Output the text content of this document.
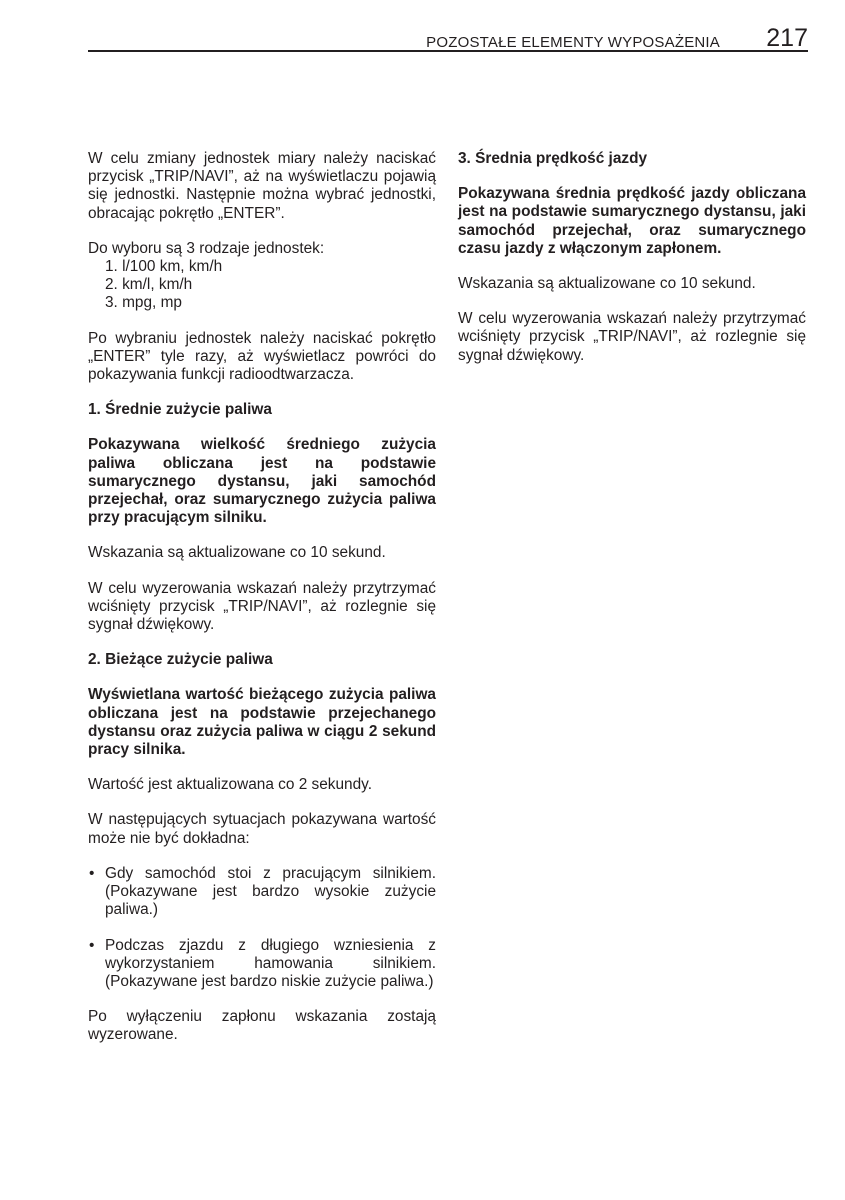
POZOSTAŁE ELEMENTY WYPOSAŻENIA 217

W celu zmiany jednostek miary należy naciskać przycisk „TRIP/NAVI”, aż na wyświetlaczu pojawią się jednostki. Następnie można wybrać jednostki, obracając pokrętło „ENTER”.

Do wyboru są 3 rodzaje jednostek:

1. l/100 km, km/h
2. km/l, km/h
3. mpg, mp

Po wybraniu jednostek należy naciskać pokrętło „ENTER” tyle razy, aż wyświetlacz powróci do pokazywania funkcji radioodtwarzacza.

1. Średnie zużycie paliwa

Pokazywana wielkość średniego zużycia paliwa obliczana jest na podstawie sumarycznego dystansu, jaki samochód przejechał, oraz sumarycznego zużycia paliwa przy pracującym silniku.

Wskazania są aktualizowane co 10 sekund.

W celu wyzerowania wskazań należy przytrzymać wciśnięty przycisk „TRIP/NAVI”, aż rozlegnie się sygnał dźwiękowy.

2. Bieżące zużycie paliwa

Wyświetlana wartość bieżącego zużycia paliwa obliczana jest na podstawie przejechanego dystansu oraz zużycia paliwa w ciągu 2 sekund pracy silnika.

Wartość jest aktualizowana co 2 sekundy.

W następujących sytuacjach pokazywana wartość może nie być dokładna:

• Gdy samochód stoi z pracującym silnikiem. (Pokazywane jest bardzo wysokie zużycie paliwa.)
• Podczas zjazdu z długiego wzniesienia z wykorzystaniem hamowania silnikiem. (Pokazywane jest bardzo niskie zużycie paliwa.)

Po wyłączeniu zapłonu wskazania zostają wyzerowane.

3. Średnia prędkość jazdy

Pokazywana średnia prędkość jazdy obliczana jest na podstawie sumarycznego dystansu, jaki samochód przejechał, oraz sumarycznego czasu jazdy z włączonym zapłonem.

Wskazania są aktualizowane co 10 sekund.

W celu wyzerowania wskazań należy przytrzymać wciśnięty przycisk „TRIP/NAVI”, aż rozlegnie się sygnał dźwiękowy.
